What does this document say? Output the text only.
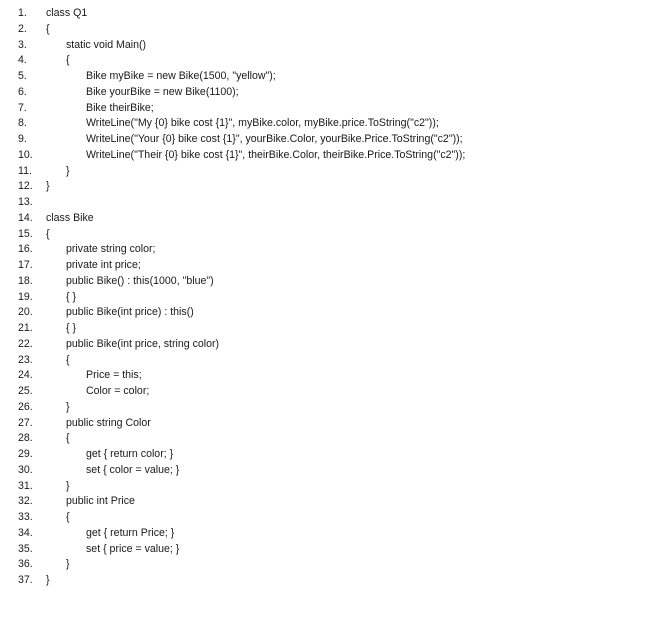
1.	class Q1
2.	{
3.	static void Main()
4.	{
5.	Bike myBike = new Bike(1500, "yellow");
6.	Bike yourBike = new Bike(1100);
7.	Bike theirBike;
8.	WriteLine("My {0} bike cost {1}", myBike.color, myBike.price.ToString("c2"));
9.	WriteLine("Your {0} bike cost {1}", yourBike.Color, yourBike.Price.ToString("c2"));
10.	WriteLine("Their {0} bike cost {1}", theirBike.Color, theirBike.Price.ToString("c2"));
11.	}
12.	}
13.
14.	class Bike
15.	{
16.	private string color;
17.	private int price;
18.	public Bike() : this(1000, "blue")
19.	{ }
20.	public Bike(int price) : this()
21.	{ }
22.	public Bike(int price, string color)
23.	{
24.	Price = this;
25.	Color = color;
26.	}
27.	public string Color
28.	{
29.	get { return color; }
30.	set { color = value; }
31.	}
32.	public int Price
33.	{
34.	get { return Price; }
35.	set { price = value; }
36.	}
37.	}
